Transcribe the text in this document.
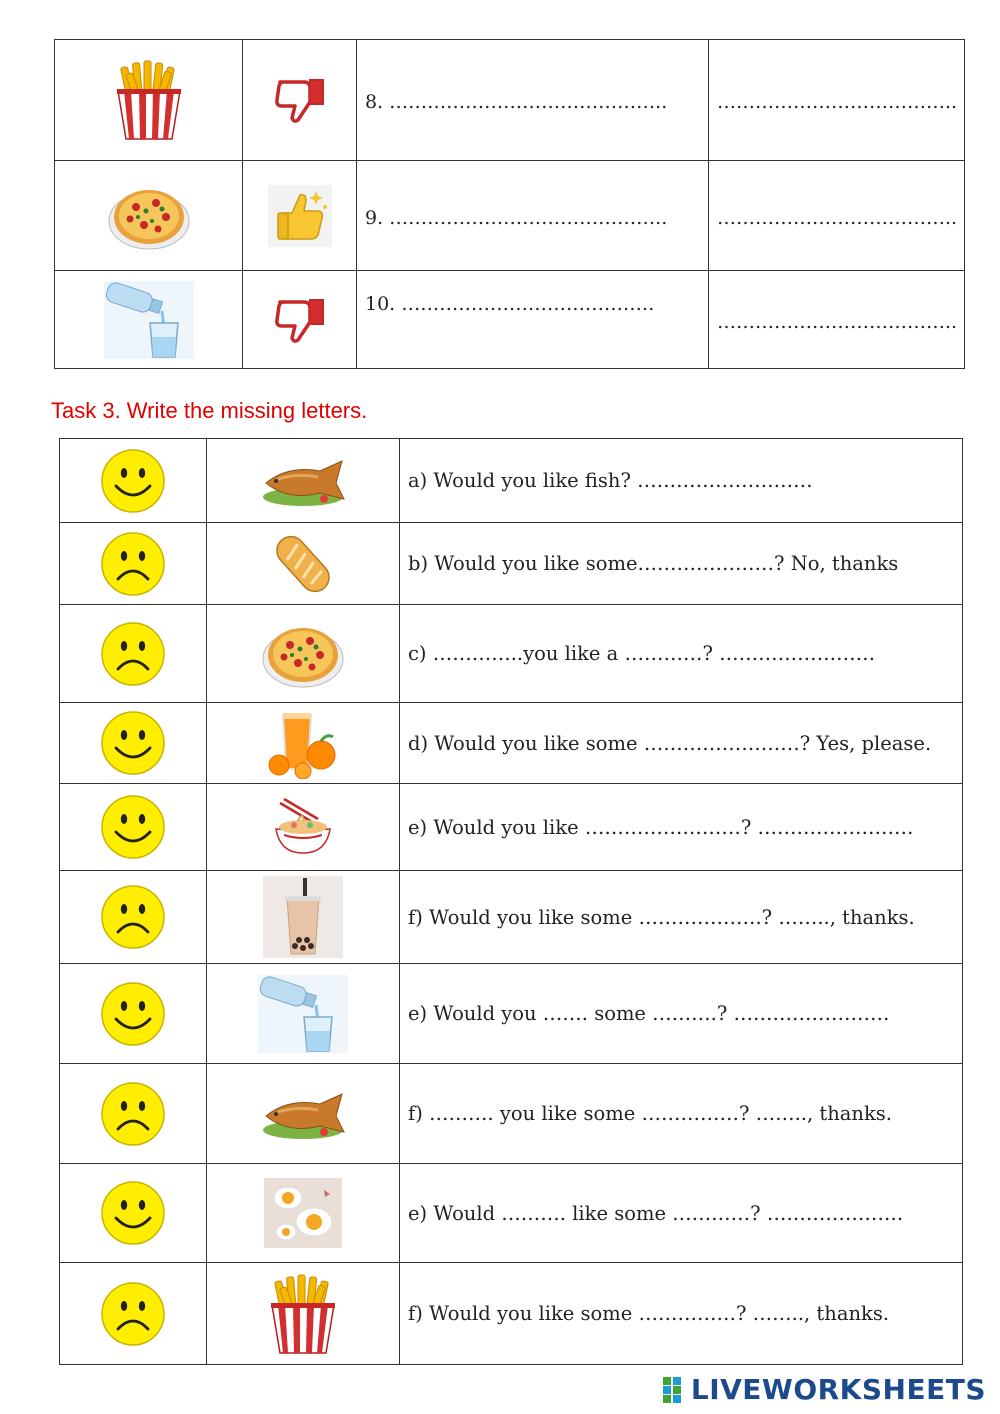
		8. ……………………………………..	………………………………..
		9. ……………………………………..	………………………………..
		10. ………………………………….	………………………………..
Task 3. Write the missing letters.
		a) Would you like fish? ………………………
		b) Would you like some…………………? No, thanks
		c) …………..you like a …………? ……………………
		d) Would you like some ……………………? Yes, please.
		e) Would you like ……………………? ……………………
		f) Would you like some ……………….? …….., thanks.
		e) Would you ……. some ……….? ……………………
		f) ………. you like some ……………? …….., thanks.
		e) Would ………. like some …………? …………………
		f) Would you like some ……………? …….., thanks.
LIVEWORKSHEETS
